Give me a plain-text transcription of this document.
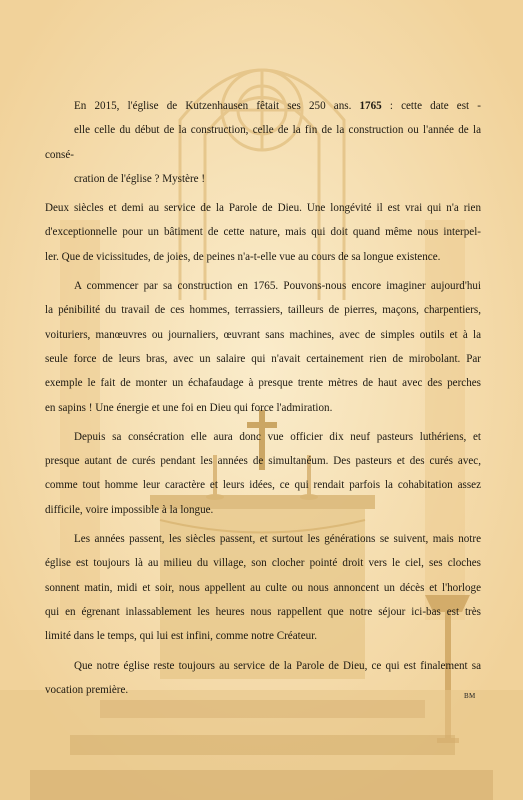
En 2015, l'église de Kutzenhausen fêtait ses 250 ans. 1765 : cette date est -
elle celle du début de la construction, celle de la fin de la construction ou l'année de la consé-
cration de l'église ? Mystère !

Deux siècles et demi au service de la Parole de Dieu. Une longévité il est vrai qui n'a rien
d'exceptionnelle pour un bâtiment de cette nature, mais qui doit quand même nous interpel-
ler. Que de vicissitudes, de joies, de peines n'a-t-elle vue au cours de sa longue existence.

A commencer par sa construction en 1765. Pouvons-nous encore imaginer aujourd'hui
la pénibilité du travail de ces hommes, terrassiers, tailleurs de pierres, maçons, charpentiers,
voituriers, manœuvres ou journaliers, œuvrant sans machines, avec de simples outils et à la
seule force de leurs bras, avec un salaire qui n'avait certainement rien de mirobolant. Par
exemple le fait de monter un échafaudage à presque trente mètres de haut avec des perches
en sapins ! Une énergie et une foi en Dieu qui force l'admiration.

Depuis sa consécration elle aura donc vue officier dix neuf pasteurs luthériens, et
presque autant de curés pendant les années de simultanéum. Des pasteurs et des curés avec,
comme tout homme leur caractère et leurs idées, ce qui rendait parfois la cohabitation assez
difficile, voire impossible à la longue.

Les années passent, les siècles passent, et surtout les générations se suivent, mais notre
église est toujours là au milieu du village, son clocher pointé droit vers le ciel, ses cloches
sonnent matin, midi et soir, nous appellent au culte ou nous annoncent un décès et l'horloge
qui en égrenant inlassablement les heures nous rappellent que notre séjour ici-bas est très
limité dans le temps, qui lui est infini, comme notre Créateur.

Que notre église reste toujours au service de la Parole de Dieu, ce qui est finalement sa
vocation première.

BM
